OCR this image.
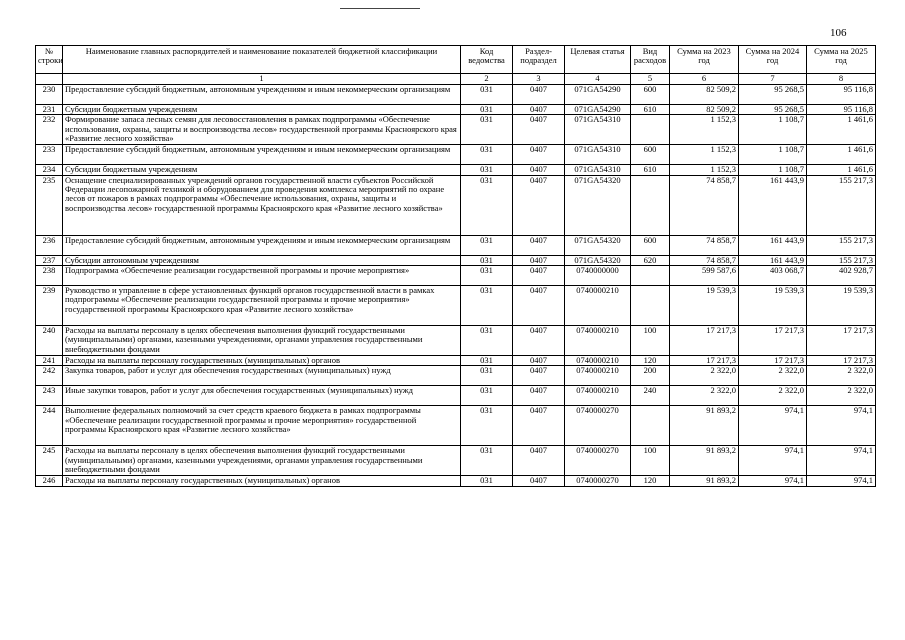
106
№ строки	Наименование главных распорядителей и наименование показателей бюджетной классификации	Код ведомства	Раздел- подраздел	Целевая статья	Вид расходов	Сумма на 2023 год	Сумма на 2024 год	Сумма на 2025 год
	1	2	3	4	5	6	7	8
230	Предоставление субсидий бюджетным, автономным учреждениям и иным некоммерческим организациям	031	0407	071GA54290	600	82 509,2	95 268,5	95 116,8
231	Субсидии бюджетным учреждениям	031	0407	071GA54290	610	82 509,2	95 268,5	95 116,8
232	Формирование запаса лесных семян для лесовосстановления в рамках подпрограммы «Обеспечение использования, охраны, защиты и воспроизводства лесов» государственной программы Красноярского края «Развитие лесного хозяйства»	031	0407	071GA54310		1 152,3	1 108,7	1 461,6
233	Предоставление субсидий бюджетным, автономным учреждениям и иным некоммерческим организациям	031	0407	071GA54310	600	1 152,3	1 108,7	1 461,6
234	Субсидии бюджетным учреждениям	031	0407	071GA54310	610	1 152,3	1 108,7	1 461,6
235	Оснащение специализированных учреждений органов государственной власти субъектов Российской Федерации лесопожарной техникой и оборудованием для проведения комплекса мероприятий по охране лесов от пожаров в рамках подпрограммы «Обеспечение использования, охраны, защиты и воспроизводства лесов» государственной программы Красноярского края «Развитие лесного хозяйства»	031	0407	071GA54320		74 858,7	161 443,9	155 217,3
236	Предоставление субсидий бюджетным, автономным учреждениям и иным некоммерческим организациям	031	0407	071GA54320	600	74 858,7	161 443,9	155 217,3
237	Субсидии автономным учреждениям	031	0407	071GA54320	620	74 858,7	161 443,9	155 217,3
238	Подпрограмма «Обеспечение реализации государственной программы и прочие мероприятия»	031	0407	0740000000		599 587,6	403 068,7	402 928,7
239	Руководство и управление в сфере установленных функций органов государственной власти в рамках подпрограммы «Обеспечение реализации государственной программы и прочие мероприятия» государственной программы Красноярского края «Развитие лесного хозяйства»	031	0407	0740000210		19 539,3	19 539,3	19 539,3
240	Расходы на выплаты персоналу в целях обеспечения выполнения функций государственными (муниципальными) органами, казенными учреждениями, органами управления государственными внебюджетными фондами	031	0407	0740000210	100	17 217,3	17 217,3	17 217,3
241	Расходы на выплаты персоналу государственных (муниципальных) органов	031	0407	0740000210	120	17 217,3	17 217,3	17 217,3
242	Закупка товаров, работ и услуг для обеспечения государственных (муниципальных) нужд	031	0407	0740000210	200	2 322,0	2 322,0	2 322,0
243	Иные закупки товаров, работ и услуг для обеспечения государственных (муниципальных) нужд	031	0407	0740000210	240	2 322,0	2 322,0	2 322,0
244	Выполнение федеральных полномочий за счет средств краевого бюджета в рамках подпрограммы «Обеспечение реализации государственной программы и прочие мероприятия» государственной программы Красноярского края «Развитие лесного хозяйства»	031	0407	0740000270		91 893,2	974,1	974,1
245	Расходы на выплаты персоналу в целях обеспечения выполнения функций государственными (муниципальными) органами, казенными учреждениями, органами управления государственными внебюджетными фондами	031	0407	0740000270	100	91 893,2	974,1	974,1
246	Расходы на выплаты персоналу государственных (муниципальных) органов	031	0407	0740000270	120	91 893,2	974,1	974,1
